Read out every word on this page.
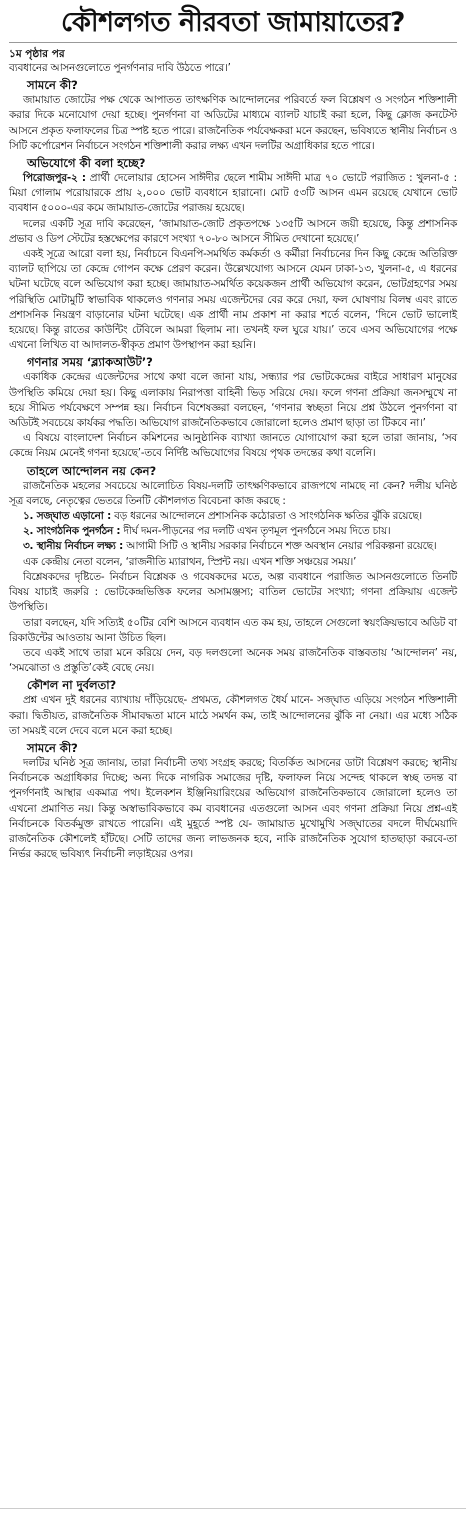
কৌশলগত নীরবতা জামায়াতের?
১ম পৃষ্ঠার পর

ব্যবধানের আসনগুলোতে পুনর্গণনার দাবি উঠতে পারে।’

সামনে কী?

জামায়াত জোটের পক্ষ থেকে আপাতত তাৎক্ষণিক আন্দোলনের পরিবর্তে ফল বিশ্লেষণ ও সংগঠন শক্তিশালী করার দিকে মনোযোগ দেয়া হচ্ছে। পুনর্গণনা বা অডিটের মাধ্যমে ব্যালট যাচাই করা হলে, কিছু ক্লোজ কনটেস্ট আসনে প্রকৃত ফলাফলের চিত্র স্পষ্ট হতে পারে। রাজনৈতিক পর্যবেক্ষকরা মনে করছেন, ভবিষ্যতে স্থানীয় নির্বাচন ও সিটি কর্পোরেশন নির্বাচনে সংগঠন শক্তিশালী করার লক্ষ্য এখন দলটির অগ্রাধিকার হতে পারে।

অভিযোগে কী বলা হচ্ছে?

পিরোজপুর-২ : প্রার্থী দেলোয়ার হোসেন সাঈদীর ছেলে শামীম সাঈদী মাত্র ৭০ ভোটে পরাজিত : খুলনা-৫ : মিয়া গোলাম পরোয়ারকে প্রায় ২,০০০ ভোট ব্যবধানে হারানো। মোট ৫৩টি আসন এমন রয়েছে যেখানে ভোট ব্যবধান ৫০০০-এর কমে জামায়াত-জোটের পরাজয় হয়েছে।

দলের একটি সূত্র দাবি করেছেন, ‘জামায়াত-জোট প্রকৃতপক্ষে ১৩৫টি আসনে জয়ী হয়েছে, কিন্তু প্রশাসনিক প্রভাব ও ডিপ স্টেটের হস্তক্ষেপের কারণে সংখ্যা ৭০-৮০ আসনে সীমিত দেখানো হয়েছে।’

একই সূত্রে আরো বলা হয়, নির্বাচনে বিএনপি-সমর্থিত কর্মকর্তা ও কর্মীরা নির্বাচনের দিন কিছু কেন্দ্রে অতিরিক্ত ব্যালট ছাপিয়ে তা কেন্দ্রে গোপন কক্ষে প্রেরণ করেন। উল্লেখযোগ্য আসনে যেমন ঢাকা-১৩, খুলনা-৫, এ ধরনের ঘটনা ঘটেছে বলে অভিযোগ করা হচ্ছে। জামায়াত-সমর্থিত কয়েকজন প্রার্থী অভিযোগ করেন, ভোটগ্রহণের সময় পরিস্থিতি মোটামুটি স্বাভাবিক থাকলেও গণনার সময় এজেন্টদের বের করে দেয়া, ফল ঘোষণায় বিলম্ব এবং রাতে প্রশাসনিক নিয়ন্ত্রণ বাড়ানোর ঘটনা ঘটেছে। এক প্রার্থী নাম প্রকাশ না করার শর্তে বলেন, ‘দিনে ভোট ভালোই হয়েছে। কিন্তু রাতের কাউন্টিং টেবিলে আমরা ছিলাম না। তখনই ফল ঘুরে যায়।’ তবে এসব অভিযোগের পক্ষে এখনো লিখিত বা আদালত-স্বীকৃত প্রমাণ উপস্থাপন করা হয়নি।

গণনার সময় ‘ব্ল্যাকআউট’?

একাধিক কেন্দ্রের এজেন্টদের সাথে কথা বলে জানা যায়, সন্ধ্যার পর ভোটকেন্দ্রের বাইরে সাধারণ মানুষের উপস্থিতি কমিয়ে দেয়া হয়। কিছু এলাকায় নিরাপত্তা বাহিনী ভিড় সরিয়ে দেয়। ফলে গণনা প্রক্রিয়া জনসম্মুখে না হয়ে সীমিত পর্যবেক্ষণে সম্পন্ন হয়। নির্বাচন বিশেষজ্ঞরা বলছেন, ‘গণনার স্বচ্ছতা নিয়ে প্রশ্ন উঠলে পুনর্গণনা বা অডিটই সবচেয়ে কার্যকর পদ্ধতি। অভিযোগ রাজনৈতিকভাবে জোরালো হলেও প্রমাণ ছাড়া তা টিকবে না।’

এ বিষয়ে বাংলাদেশ নির্বাচন কমিশনের আনুষ্ঠানিক ব্যাখ্যা জানতে যোগাযোগ করা হলে তারা জানায়, ‘সব কেন্দ্রে নিয়ম মেনেই গণনা হয়েছে’-তবে নির্দিষ্ট অভিযোগের বিষয়ে পৃথক তদন্তের কথা বলেনি।

তাহলে আন্দোলন নয় কেন?

রাজনৈতিক মহলের সবচেয়ে আলোচিত বিষয়-দলটি তাৎক্ষণিকভাবে রাজপথে নামছে না কেন? দলীয় ঘনিষ্ঠ সূত্র বলছে, নেতৃত্বের ভেতরে তিনটি কৌশলগত বিবেচনা কাজ করছে :

১. সজ্ঘাত এড়ানো : বড় ধরনের আন্দোলনে প্রশাসনিক কঠোরতা ও সাংগঠনিক ক্ষতির ঝুঁকি রয়েছে।

২. সাংগঠনিক পুনর্গঠন : দীর্ঘ দমন-পীড়নের পর দলটি এখন তৃণমূল পুনর্গঠনে সময় দিতে চায়।

৩. স্থানীয় নির্বাচন লক্ষ্য : আগামী সিটি ও স্থানীয় সরকার নির্বাচনে শক্ত অবস্থান নেয়ার পরিকল্পনা রয়েছে।

এক কেন্দ্রীয় নেতা বলেন, ‘রাজনীতি ম্যারাথন, স্প্রিন্ট নয়। এখন শক্তি সঞ্চয়ের সময়।’

বিশ্লেষকদের দৃষ্টিতে- নির্বাচন বিশ্লেষক ও গবেষকদের মতে, অল্প ব্যবধানে পরাজিত আসনগুলোতে তিনটি বিষয় যাচাই জরুরি : ভোটকেন্দ্রভিত্তিক ফলের অসামঞ্জস্য; বাতিল ভোটের সংখ্যা; গণনা প্রক্রিয়ায় এজেন্ট উপস্থিতি।

তারা বলছেন, যদি সত্যিই ৫০টির বেশি আসনে ব্যবধান এত কম হয়, তাহলে সেগুলো স্বয়ংক্রিয়ভাবে অডিট বা রিকাউন্টের আওতায় আনা উচিত ছিল।

তবে একই সাথে তারা মনে করিয়ে দেন, বড় দলগুলো অনেক সময় রাজনৈতিক বাস্তবতায় ‘আন্দোলন’ নয়, ‘সমঝোতা ও প্রস্তুতি’কেই বেছে নেয়।

কৌশল না দুর্বলতা?

প্রশ্ন এখন দুই ধরনের ব্যাখ্যায় দাঁড়িয়েছে- প্রথমত, কৌশলগত ধৈর্য মানে- সজ্ঘাত এড়িয়ে সংগঠন শক্তিশালী করা। দ্বিতীয়ত, রাজনৈতিক সীমাবদ্ধতা মানে মাঠে সমর্থন কম, তাই আন্দোলনের ঝুঁকি না নেয়া। এর মধ্যে সঠিক তা সময়ই বলে দেবে বলে মনে করা হচ্ছে।

সামনে কী?

দলটির ঘনিষ্ঠ সূত্র জানায়, তারা নির্বাচনী তথ্য সংগ্রহ করছে; বিতর্কিত আসনের ডাটা বিশ্লেষণ করছে; স্থানীয় নির্বাচনকে অগ্রাধিকার দিচ্ছে; অন্য দিকে নাগরিক সমাজের দৃষ্টি, ফলাফল নিয়ে সন্দেহ থাকলে স্বচ্ছ তদন্ত বা পুনর্গণনাই আস্থার একমাত্র পথ। ইলেকশন ইঞ্জিনিয়ারিংয়ের অভিযোগ রাজনৈতিকভাবে জোরালো হলেও তা এখনো প্রমাণিত নয়। কিন্তু অস্বাভাবিকভাবে কম ব্যবধানের এতগুলো আসন এবং গণনা প্রক্রিয়া নিয়ে প্রশ্ন-এই নির্বাচনকে বিতর্কমুক্ত রাখতে পারেনি। এই মুহূর্তে স্পষ্ট যে- জামায়াত মুখোমুখি সজ্ঘাতের বদলে দীর্ঘমেয়াদি রাজনৈতিক কৌশলেই হাঁটছে। সেটি তাদের জন্য লাভজনক হবে, নাকি রাজনৈতিক সুযোগ হাতছাড়া করবে-তা নির্ভর করছে ভবিষ্যৎ নির্বাচনী লড়াইয়ের ওপর।
